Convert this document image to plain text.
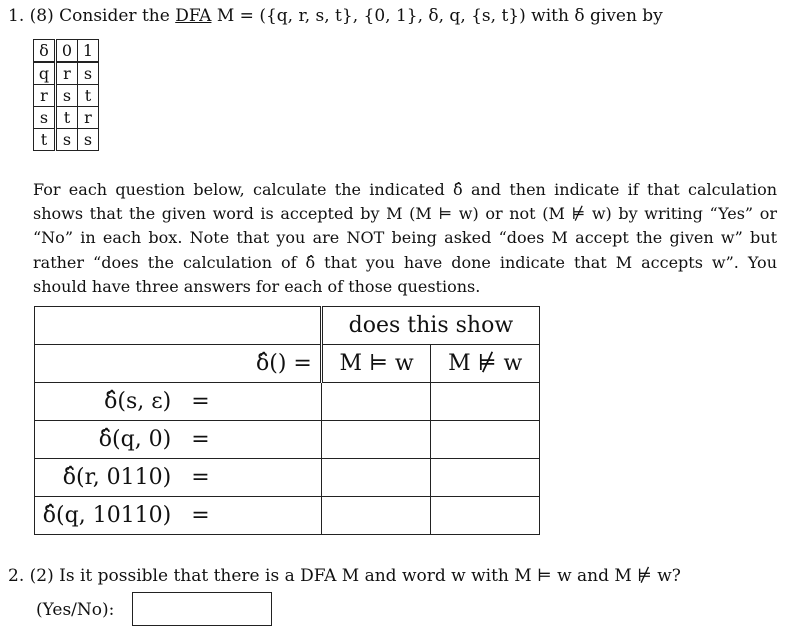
1. (8) Consider the DFA M = ({q, r, s, t}, {0, 1}, δ, q, {s, t}) with δ given by
δ	0	1
q	r	s
r	s	t
s	t	r
t	s	s

For each question below, calculate the indicated δ̂ and then indicate if that calculation shows that the given word is accepted by M (M ⊨ w) or not (M ⊭ w) by writing “Yes” or “No” in each box. Note that you are NOT being asked “does M accept the given w” but rather “does the calculation of δ̂ that you have done indicate that M accepts w”. You should have three answers for each of those questions.

		does this show	
δ̂() =		M ⊨ w	M ⊭ w
δ̂(s, ε)	=		
δ̂(q, 0)	=		
δ̂(r, 0110)	=		
δ̂(q, 10110)	=		
2. (2) Is it possible that there is a DFA M and word w with M ⊨ w and M ⊭ w?
(Yes/No):
